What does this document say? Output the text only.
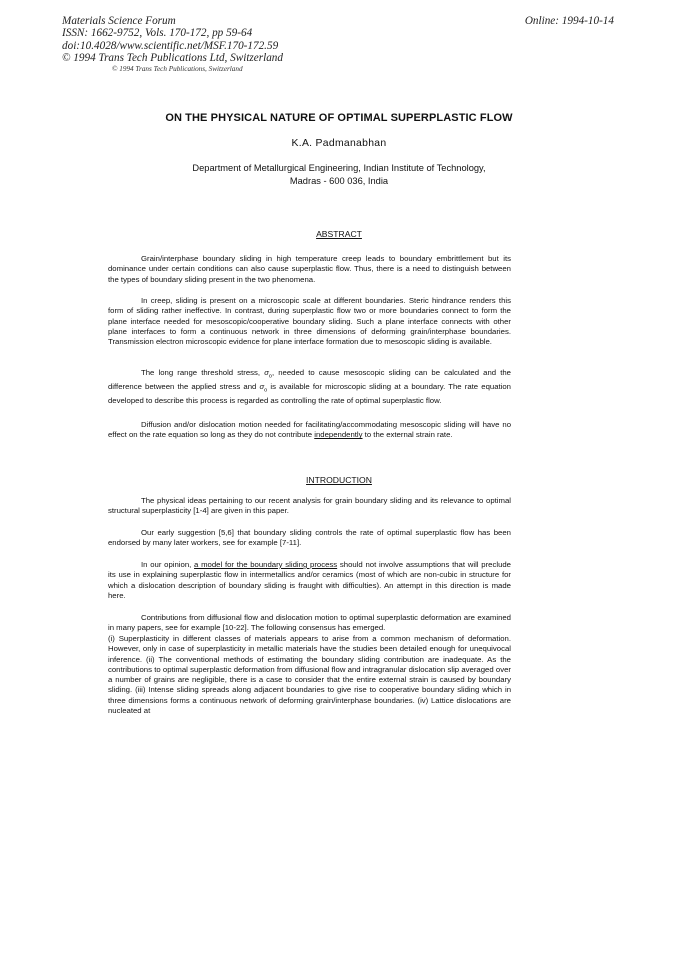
Materials Science Forum
ISSN: 1662-9752, Vols. 170-172, pp 59-64
doi:10.4028/www.scientific.net/MSF.170-172.59
© 1994 Trans Tech Publications Ltd, Switzerland
Online: 1994-10-14
© 1994 Trans Tech Publications, Switzerland
ON THE PHYSICAL NATURE OF OPTIMAL SUPERPLASTIC FLOW
K.A. Padmanabhan
Department of Metallurgical Engineering, Indian Institute of Technology,
Madras - 600 036, India
ABSTRACT

Grain/interphase boundary sliding in high temperature creep leads to boundary embrittlement but its dominance under certain conditions can also cause superplastic flow. Thus, there is a need to distinguish between the types of boundary sliding present in the two phenomena.

In creep, sliding is present on a microscopic scale at different boundaries. Steric hindrance renders this form of sliding rather ineffective. In contrast, during superplastic flow two or more boundaries connect to form the plane interface needed for mesoscopic/cooperative boundary sliding. Such a plane interface connects with other plane interfaces to form a continuous network in three dimensions of deforming grain/interphase boundaries. Transmission electron microscopic evidence for plane interface formation due to mesoscopic sliding is available.

The long range threshold stress, $\sigma_o$, needed to cause mesoscopic sliding can be calculated and the difference between the applied stress and $\sigma_o$ is available for microscopic sliding at a boundary. The rate equation developed to describe this process is regarded as controlling the rate of optimal superplastic flow.

Diffusion and/or dislocation motion needed for facilitating/accommodating mesoscopic sliding will have no effect on the rate equation so long as they do not contribute independently to the external strain rate.

INTRODUCTION

The physical ideas pertaining to our recent analysis for grain boundary sliding and its relevance to optimal structural superplasticity [1-4] are given in this paper.

Our early suggestion [5,6] that boundary sliding controls the rate of optimal superplastic flow has been endorsed by many later workers, see for example [7-11].

In our opinion, a model for the boundary sliding process should not involve assumptions that will preclude its use in explaining superplastic flow in intermetallics and/or ceramics (most of which are non-cubic in structure for which a dislocation description of boundary sliding is fraught with difficulties). An attempt in this direction is made here.

Contributions from diffusional flow and dislocation motion to optimal superplastic deformation are examined in many papers, see for example [10-22]. The following consensus has emerged.

(i) Superplasticity in different classes of materials appears to arise from a common mechanism of deformation. However, only in case of superplasticity in metallic materials have the studies been detailed enough for unequivocal inference. (ii) The conventional methods of estimating the boundary sliding contribution are inadequate. As the contributions to optimal superplastic deformation from diffusional flow and intragranular dislocation slip averaged over a number of grains are negligible, there is a case to consider that the entire external strain is caused by boundary sliding. (iii) Intense sliding spreads along adjacent boundaries to give rise to cooperative boundary sliding which in three dimensions forms a continuous network of deforming grain/interphase boundaries. (iv) Lattice dislocations are nucleated at
